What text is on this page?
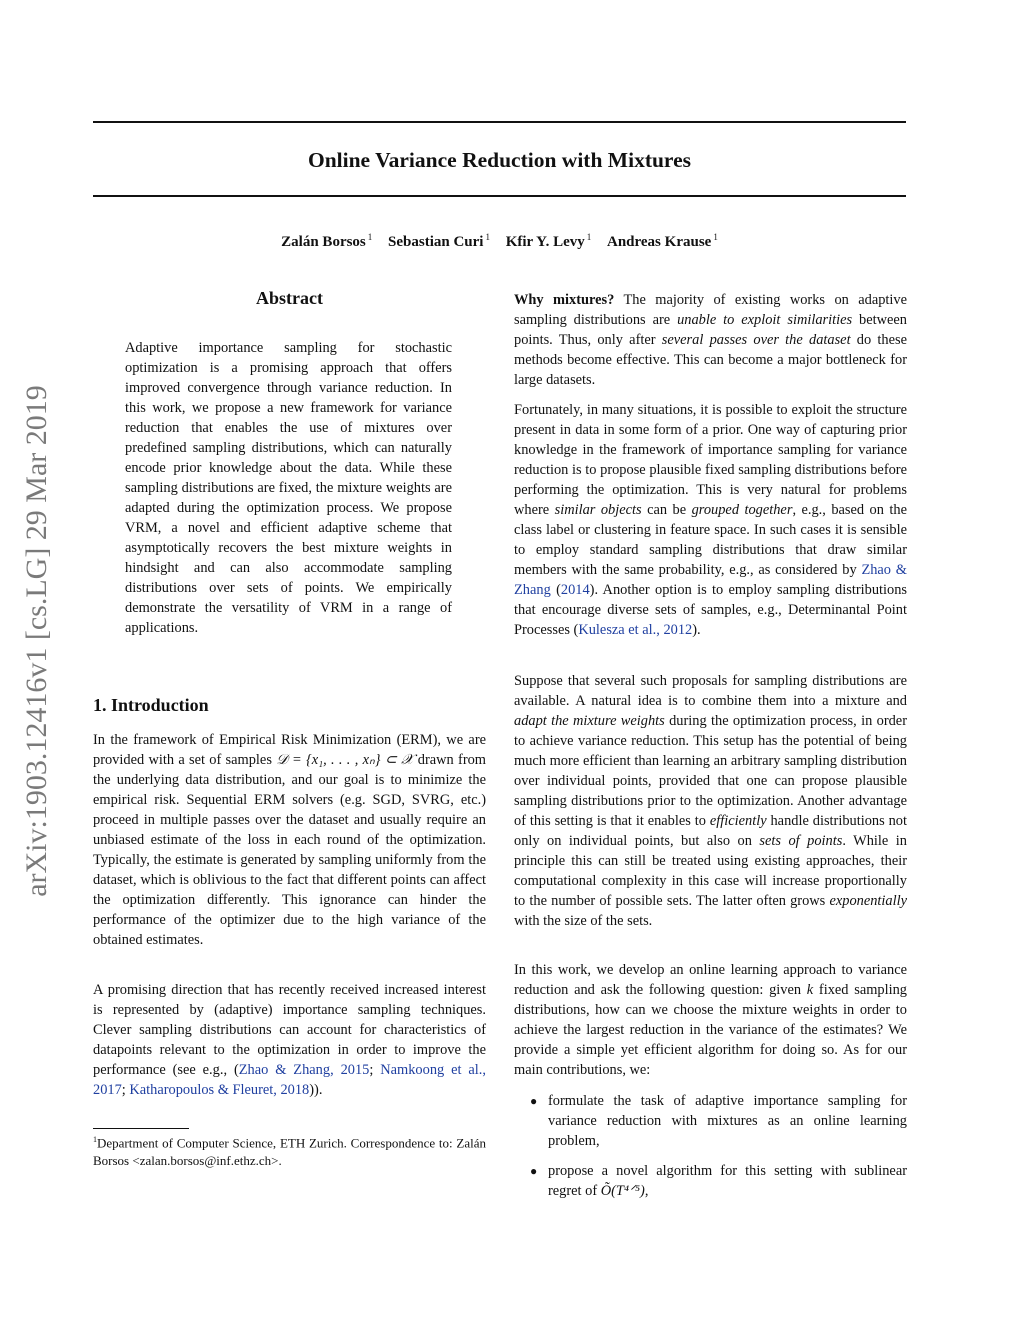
arXiv:1903.12416v1 [cs.LG] 29 Mar 2019
Online Variance Reduction with Mixtures
Zalán Borsos $^1$ Sebastian Curi $^1$ Kfir Y. Levy $^1$ Andreas Krause $^1$
Abstract

Adaptive importance sampling for stochastic optimization is a promising approach that offers improved convergence through variance reduction. In this work, we propose a new framework for variance reduction that enables the use of mixtures over predefined sampling distributions, which can naturally encode prior knowledge about the data. While these sampling distributions are fixed, the mixture weights are adapted during the optimization process. We propose VRM, a novel and efficient adaptive scheme that asymptotically recovers the best mixture weights in hindsight and can also accommodate sampling distributions over sets of points. We empirically demonstrate the versatility of VRM in a range of applications.

1. Introduction

In the framework of Empirical Risk Minimization (ERM), we are provided with a set of samples 𝒟 = {x₁, . . . , xₙ} ⊂ 𝒳 drawn from the underlying data distribution, and our goal is to minimize the empirical risk. Sequential ERM solvers (e.g. SGD, SVRG, etc.) proceed in multiple passes over the dataset and usually require an unbiased estimate of the loss in each round of the optimization. Typically, the estimate is generated by sampling uniformly from the dataset, which is oblivious to the fact that different points can affect the optimization differently. This ignorance can hinder the performance of the optimizer due to the high variance of the obtained estimates.

A promising direction that has recently received increased interest is represented by (adaptive) importance sampling techniques. Clever sampling distributions can account for characteristics of datapoints relevant to the optimization in order to improve the performance (see e.g., (Zhao & Zhang, 2015; Namkoong et al., 2017; Katharopoulos & Fleuret, 2018)).

$^1$Department of Computer Science, ETH Zurich. Correspondence to: Zalán Borsos <zalan.borsos@inf.ethz.ch>.

Why mixtures? The majority of existing works on adaptive sampling distributions are unable to exploit similarities between points. Thus, only after several passes over the dataset do these methods become effective. This can become a major bottleneck for large datasets.

Fortunately, in many situations, it is possible to exploit the structure present in data in some form of a prior. One way of capturing prior knowledge in the framework of importance sampling for variance reduction is to propose plausible fixed sampling distributions before performing the optimization. This is very natural for problems where similar objects can be grouped together, e.g., based on the class label or clustering in feature space. In such cases it is sensible to employ standard sampling distributions that draw similar members with the same probability, e.g., as considered by Zhao & Zhang (2014). Another option is to employ sampling distributions that encourage diverse sets of samples, e.g., Determinantal Point Processes (Kulesza et al., 2012).

Suppose that several such proposals for sampling distributions are available. A natural idea is to combine them into a mixture and adapt the mixture weights during the optimization process, in order to achieve variance reduction. This setup has the potential of being much more efficient than learning an arbitrary sampling distribution over individual points, provided that one can propose plausible sampling distributions prior to the optimization. Another advantage of this setting is that it enables to efficiently handle distributions not only on individual points, but also on sets of points. While in principle this can still be treated using existing approaches, their computational complexity in this case will increase proportionally to the number of possible sets. The latter often grows exponentially with the size of the sets.

In this work, we develop an online learning approach to variance reduction and ask the following question: given k fixed sampling distributions, how can we choose the mixture weights in order to achieve the largest reduction in the variance of the estimates? We provide a simple yet efficient algorithm for doing so. As for our main contributions, we:

● formulate the task of adaptive importance sampling for variance reduction with mixtures as an online learning problem,
● propose a novel algorithm for this setting with sublinear regret of Õ(T⁴ᐟ⁵),
